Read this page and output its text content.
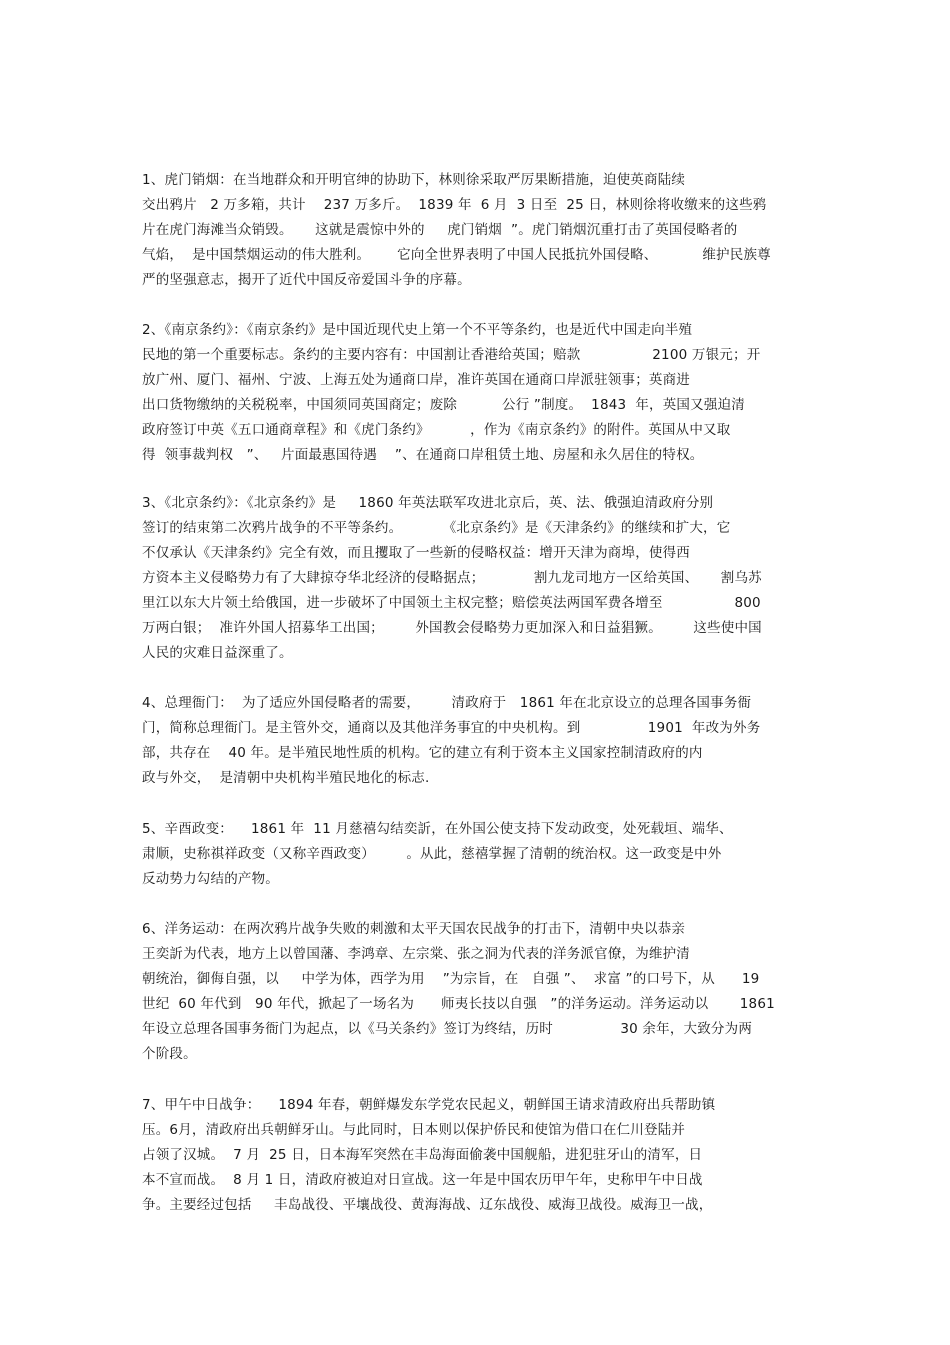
1、虎门销烟：在当地群众和开明官绅的协助下，林则徐采取严厉果断措施，迫使英商陆续
交出鸦片   2 万多箱，共计    237 万多斤。  1839 年  6 月  3 日至  25 日，林则徐将收缴来的这些鸦
片在虎门海滩当众销毁。     这就是震惊中外的     虎门销烟  ”。虎门销烟沉重打击了英国侵略者的
气焰，  是中国禁烟运动的伟大胜利。      它向全世界表明了中国人民抵抗外国侵略、          维护民族尊
严的坚强意志，揭开了近代中国反帝爱国斗争的序幕。
2、《南京条约》：《南京条约》是中国近现代史上第一个不平等条约，也是近代中国走向半殖
民地的第一个重要标志。条约的主要内容有：中国割让香港给英国；赔款                2100 万银元；开
放广州、厦门、福州、宁波、上海五处为通商口岸，准许英国在通商口岸派驻领事；英商进
出口货物缴纳的关税税率，中国须同英国商定；废除          公行 ”制度。  1843  年，英国又强迫清
政府签订中英《五口通商章程》和《虎门条约》         ，作为《南京条约》的附件。英国从中又取
得  领事裁判权   ”、   片面最惠国待遇    ”、在通商口岸租赁土地、房屋和永久居住的特权。
3、《北京条约》：《北京条约》是     1860 年英法联军攻进北京后，英、法、俄强迫清政府分别
签订的结束第二次鸦片战争的不平等条约。         《北京条约》是《天津条约》的继续和扩大，它
不仅承认《天津条约》完全有效，而且攫取了一些新的侵略权益：增开天津为商埠，使得西
方资本主义侵略势力有了大肆掠夺华北经济的侵略据点；           割九龙司地方一区给英国、     割乌苏
里江以东大片领土给俄国，进一步破坏了中国领土主权完整；赔偿英法两国军费各增至                800
万两白银；  准许外国人招募华工出国；       外国教会侵略势力更加深入和日益猖獗。       这些使中国
人民的灾难日益深重了。
4、总理衙门：  为了适应外国侵略者的需要，       清政府于   1861 年在北京设立的总理各国事务衙
门，简称总理衙门。是主管外交，通商以及其他洋务事宜的中央机构。到               1901  年改为外务
部，共存在    40 年。是半殖民地性质的机构。它的建立有利于资本主义国家控制清政府的内
政与外交，  是清朝中央机构半殖民地化的标志.
5、辛酉政变：    1861 年  11 月慈禧勾结奕訢，在外国公使支持下发动政变，处死载垣、端华、
肃顺，史称祺祥政变（又称辛酉政变）       。从此，慈禧掌握了清朝的统治权。这一政变是中外
反动势力勾结的产物。
6、洋务运动：在两次鸦片战争失败的刺激和太平天国农民战争的打击下，清朝中央以恭亲
王奕訢为代表，地方上以曾国藩、李鸿章、左宗棠、张之洞为代表的洋务派官僚，为维护清
朝统治，御侮自强，以     中学为体，西学为用    ”为宗旨，在   自强 ”、  求富 ”的口号下，从      19
世纪  60 年代到   90 年代，掀起了一场名为      师夷长技以自强   ”的洋务运动。洋务运动以       1861
年设立总理各国事务衙门为起点，以《马关条约》签订为终结，历时               30 余年，大致分为两
个阶段。
7、甲午中日战争：    1894 年春，朝鲜爆发东学党农民起义，朝鲜国王请求清政府出兵帮助镇
压。6月，清政府出兵朝鲜牙山。与此同时，日本则以保护侨民和使馆为借口在仁川登陆并
占领了汉城。  7 月  25 日，日本海军突然在丰岛海面偷袭中国舰船，进犯驻牙山的清军，日
本不宣而战。  8 月 1 日，清政府被迫对日宣战。这一年是中国农历甲午年，史称甲午中日战
争。主要经过包括     丰岛战役、平壤战役、黄海海战、辽东战役、威海卫战役。威海卫一战，
